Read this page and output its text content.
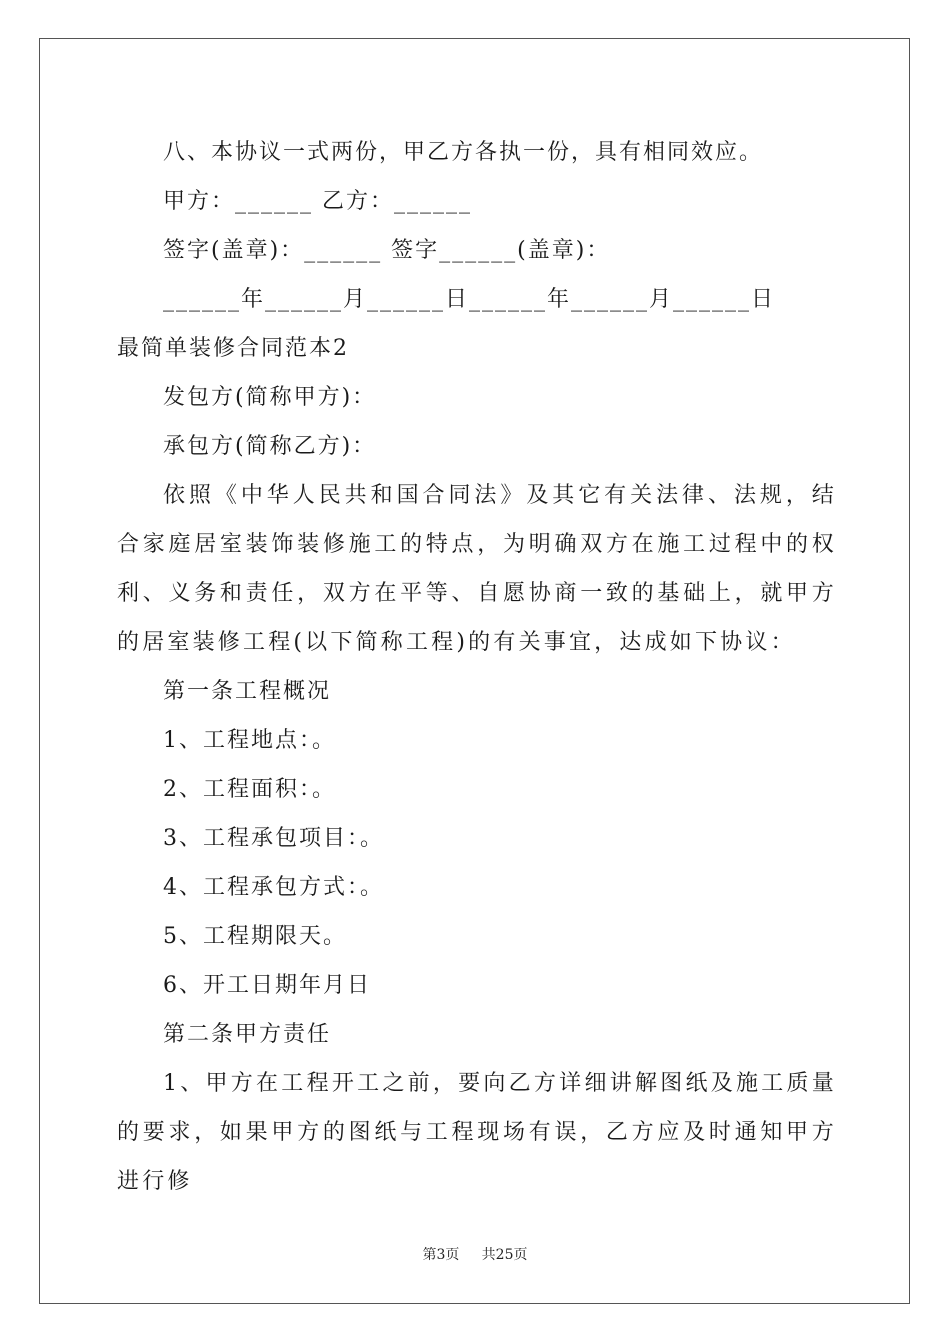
八、本协议一式两份，甲乙方各执一份，具有相同效应。

甲方：______ 乙方：______

签字(盖章)：______ 签字______(盖章)：

______年______月______日______年______月______日

最简单装修合同范本2

发包方(简称甲方)：

承包方(简称乙方)：

依照《中华人民共和国合同法》及其它有关法律、法规，结合家庭居室装饰装修施工的特点，为明确双方在施工过程中的权利、义务和责任，双方在平等、自愿协商一致的基础上，就甲方的居室装修工程(以下简称工程)的有关事宜，达成如下协议：

第一条工程概况

1、工程地点：。

2、工程面积：。

3、工程承包项目：。

4、工程承包方式：。

5、工程期限天。

6、开工日期年月日

第二条甲方责任

1、甲方在工程开工之前，要向乙方详细讲解图纸及施工质量的要求，如果甲方的图纸与工程现场有误，乙方应及时通知甲方进行修

第3页 共25页
